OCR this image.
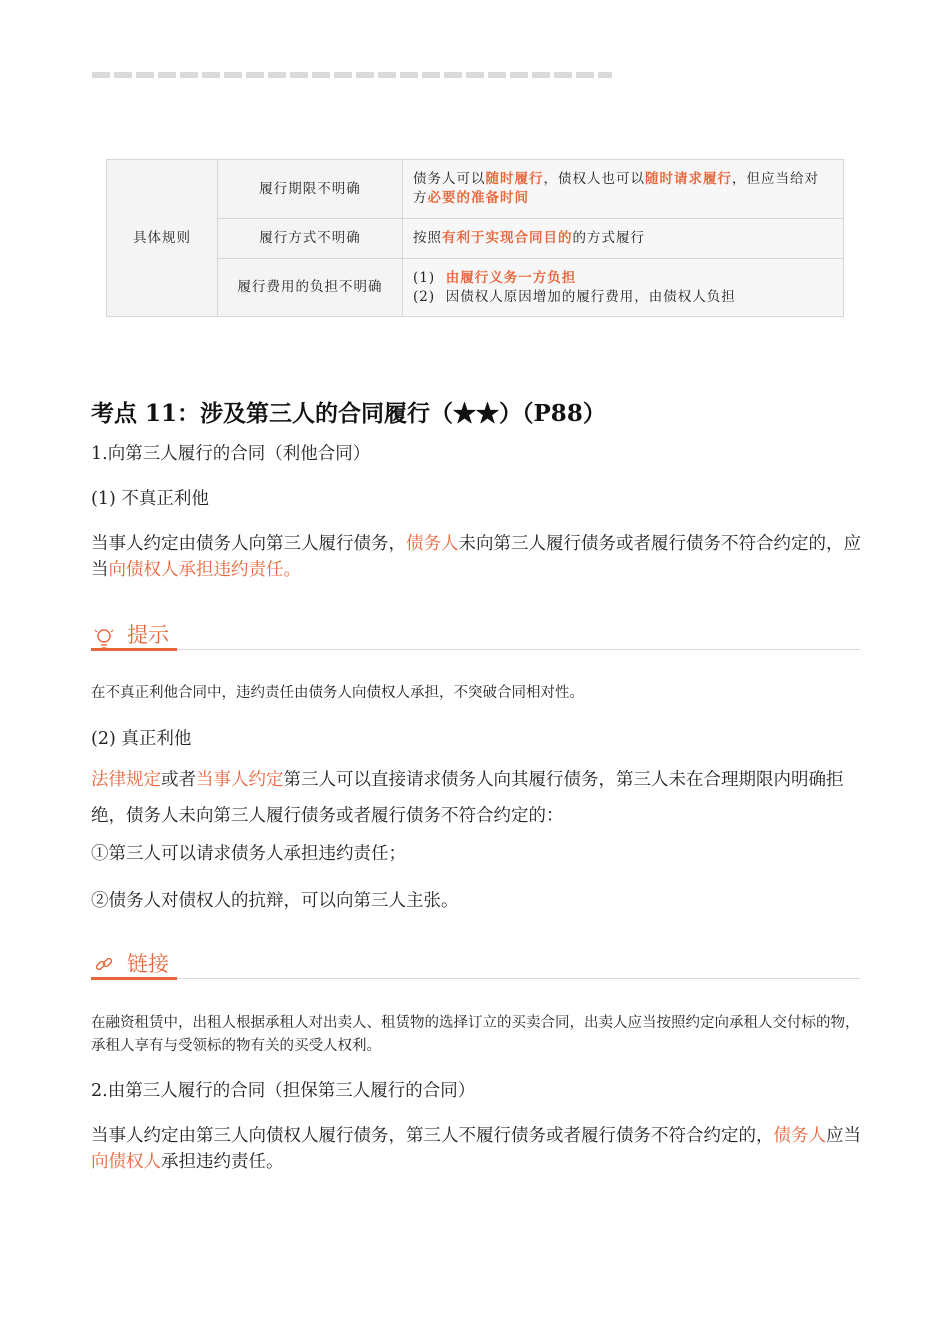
具体规则	履行期限不明确	债务人可以随时履行，债权人也可以随时请求履行，但应当给对方必要的准备时间
	履行方式不明确	按照有利于实现合同目的的方式履行
	履行费用的负担不明确	(1) 由履行义务一方负担
(2) 因债权人原因增加的履行费用，由债权人负担
考点 11：涉及第三人的合同履行（★★）（P88）
1.向第三人履行的合同（利他合同）
(1) 不真正利他
当事人约定由债务人向第三人履行债务，债务人未向第三人履行债务或者履行债务不符合约定的，应当向债权人承担违约责任。
提示
在不真正利他合同中，违约责任由债务人向债权人承担，不突破合同相对性。
(2) 真正利他
法律规定或者当事人约定第三人可以直接请求债务人向其履行债务，第三人未在合理期限内明确拒绝，债务人未向第三人履行债务或者履行债务不符合约定的：
①第三人可以请求债务人承担违约责任；
②债务人对债权人的抗辩，可以向第三人主张。
链接
在融资租赁中，出租人根据承租人对出卖人、租赁物的选择订立的买卖合同，出卖人应当按照约定向承租人交付标的物，承租人享有与受领标的物有关的买受人权利。
2.由第三人履行的合同（担保第三人履行的合同）
当事人约定由第三人向债权人履行债务，第三人不履行债务或者履行债务不符合约定的，债务人应当向债权人承担违约责任。
